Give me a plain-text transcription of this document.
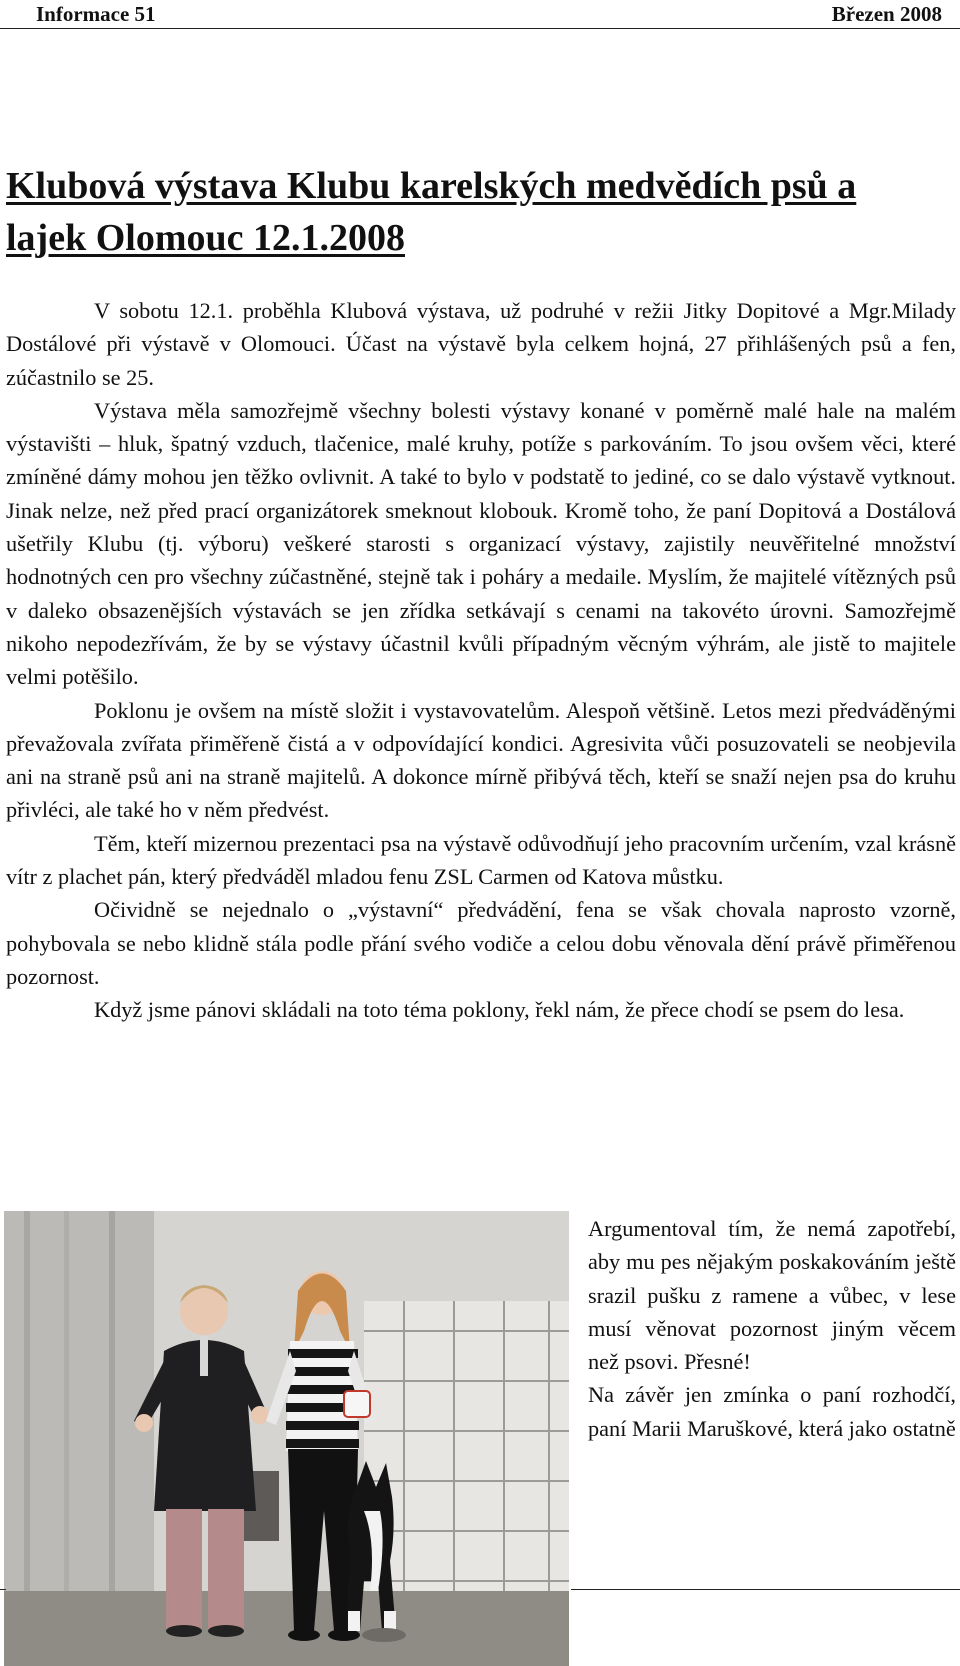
Informace 51	Březen 2008
Klubová výstava Klubu karelských medvědích psů a lajek Olomouc 12.1.2008

V sobotu 12.1. proběhla Klubová výstava, už podruhé v režii Jitky Dopitové a Mgr.Milady Dostálové při výstavě v Olomouci. Účast na výstavě byla celkem hojná, 27 přihlášených psů a fen, zúčastnilo se 25.

Výstava měla samozřejmě všechny bolesti výstavy konané v poměrně malé hale na malém výstavišti – hluk, špatný vzduch, tlačenice, malé kruhy, potíže s parkováním. To jsou ovšem věci, které zmíněné dámy mohou jen těžko ovlivnit. A také to bylo v podstatě to jediné, co se dalo výstavě vytknout. Jinak nelze, než před prací organizátorek smeknout klobouk. Kromě toho, že paní Dopitová a Dostálová ušetřily Klubu (tj. výboru) veškeré starosti s organizací výstavy, zajistily neuvěřitelné množství hodnotných cen pro všechny zúčastněné, stejně tak i poháry a medaile. Myslím, že majitelé vítězných psů v daleko obsazenějších výstavách se jen zřídka setkávají s cenami na takovéto úrovni. Samozřejmě nikoho nepodezřívám, že by se výstavy účastnil kvůli případným věcným výhrám, ale jistě to majitele velmi potěšilo.

Poklonu je ovšem na místě složit i vystavovatelům. Alespoň většině. Letos mezi předváděnými převažovala zvířata přiměřeně čistá a v odpovídající kondici. Agresivita vůči posuzovateli se neobjevila ani na straně psů ani na straně majitelů. A dokonce mírně přibývá těch, kteří se snaží nejen psa do kruhu přivléci, ale také ho v něm předvést.

Těm, kteří mizernou prezentaci psa na výstavě odůvodňují jeho pracovním určením, vzal krásně vítr z plachet pán, který předváděl mladou fenu ZSL Carmen od Katova můstku.

Očividně se nejednalo o „výstavní“ předvádění, fena se však chovala naprosto vzorně, pohybovala se nebo klidně stála podle přání svého vodiče a celou dobu věnovala dění právě přiměřenou pozornost.

Když jsme pánovi skládali na toto téma poklony, řekl nám, že přece chodí se psem do lesa.

Argumentoval tím, že nemá zapotřebí, aby mu pes nějakým poskakováním ještě srazil pušku z ramene a vůbec, v lese musí věnovat pozornost jiným věcem než psovi. Přesné!

Na závěr jen zmínka o paní rozhodčí, paní Marii Maruškové, která jako ostatně
